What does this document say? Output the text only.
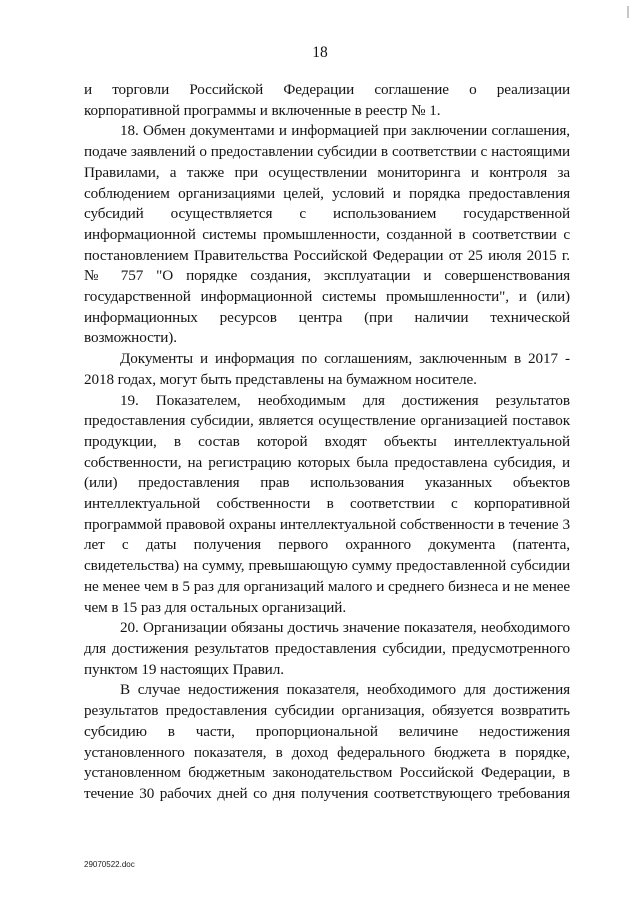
18

и торговли Российской Федерации соглашение о реализации корпоративной программы и включенные в реестр № 1.

18. Обмен документами и информацией при заключении соглашения, подаче заявлений о предоставлении субсидии в соответствии с настоящими Правилами, а также при осуществлении мониторинга и контроля за соблюдением организациями целей, условий и порядка предоставления субсидий осуществляется с использованием государственной информационной системы промышленности, созданной в соответствии с постановлением Правительства Российской Федерации от 25 июля 2015 г. № 757 "О порядке создания, эксплуатации и совершенствования государственной информационной системы промышленности", и (или) информационных ресурсов центра (при наличии технической возможности).

Документы и информация по соглашениям, заключенным в 2017 - 2018 годах, могут быть представлены на бумажном носителе.

19. Показателем, необходимым для достижения результатов предоставления субсидии, является осуществление организацией поставок продукции, в состав которой входят объекты интеллектуальной собственности, на регистрацию которых была предоставлена субсидия, и (или) предоставления прав использования указанных объектов интеллектуальной собственности в соответствии с корпоративной программой правовой охраны интеллектуальной собственности в течение 3 лет с даты получения первого охранного документа (патента, свидетельства) на сумму, превышающую сумму предоставленной субсидии не менее чем в 5 раз для организаций малого и среднего бизнеса и не менее чем в 15 раз для остальных организаций.

20. Организации обязаны достичь значение показателя, необходимого для достижения результатов предоставления субсидии, предусмотренного пунктом 19 настоящих Правил.

В случае недостижения показателя, необходимого для достижения результатов предоставления субсидии организация, обязуется возвратить субсидию в части, пропорциональной величине недостижения установленного показателя, в доход федерального бюджета в порядке, установленном бюджетным законодательством Российской Федерации, в течение 30 рабочих дней со дня получения соответствующего требования

29070522.doc
